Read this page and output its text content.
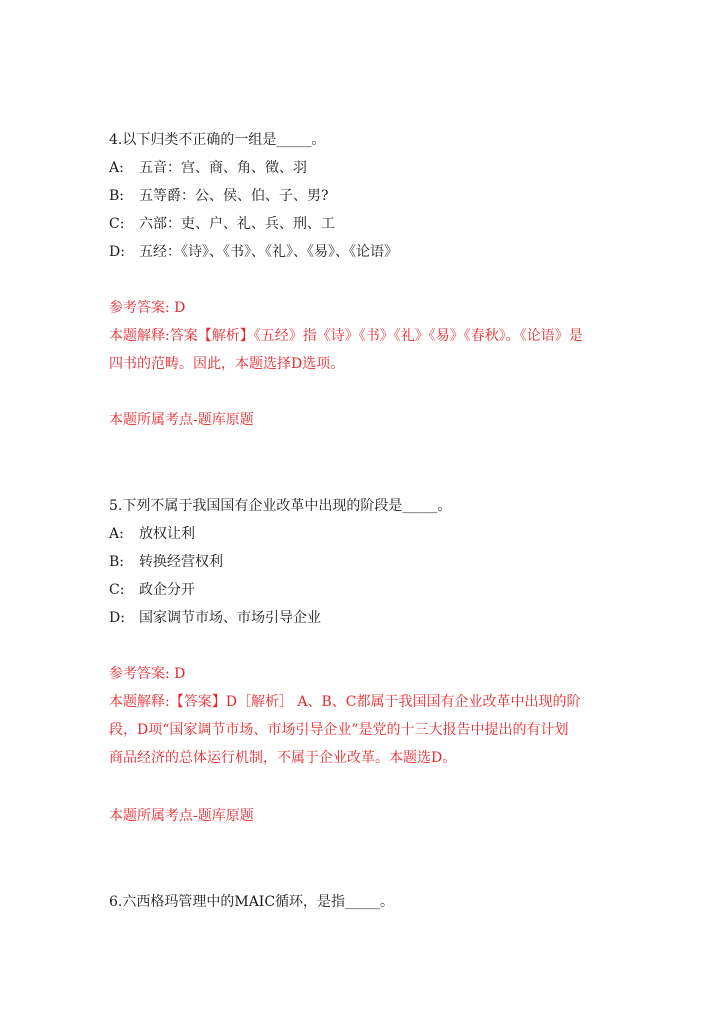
4.以下归类不正确的一组是_____。
A: 五音：宫、商、角、徵、羽
B: 五等爵：公、侯、伯、子、男?
C: 六部：吏、户、礼、兵、刑、工
D: 五经：《诗》、《书》、《礼》、《易》、《论语》
参考答案: D
本题解释:答案【解析】《五经》指《诗》《书》《礼》《易》《春秋》。《论语》是
四书的范畴。因此，本题选择D选项。
本题所属考点-题库原题
5.下列不属于我国国有企业改革中出现的阶段是_____。
A: 放权让利
B: 转换经营权利
C: 政企分开
D: 国家调节市场、市场引导企业
参考答案: D
本题解释:【答案】D［解析］ A、B、C都属于我国国有企业改革中出现的阶
段，D项“国家调节市场、市场引导企业”是党的十三大报告中提出的有计划
商品经济的总体运行机制，不属于企业改革。本题选D。
本题所属考点-题库原题
6.六西格玛管理中的MAIC循环，是指_____。
